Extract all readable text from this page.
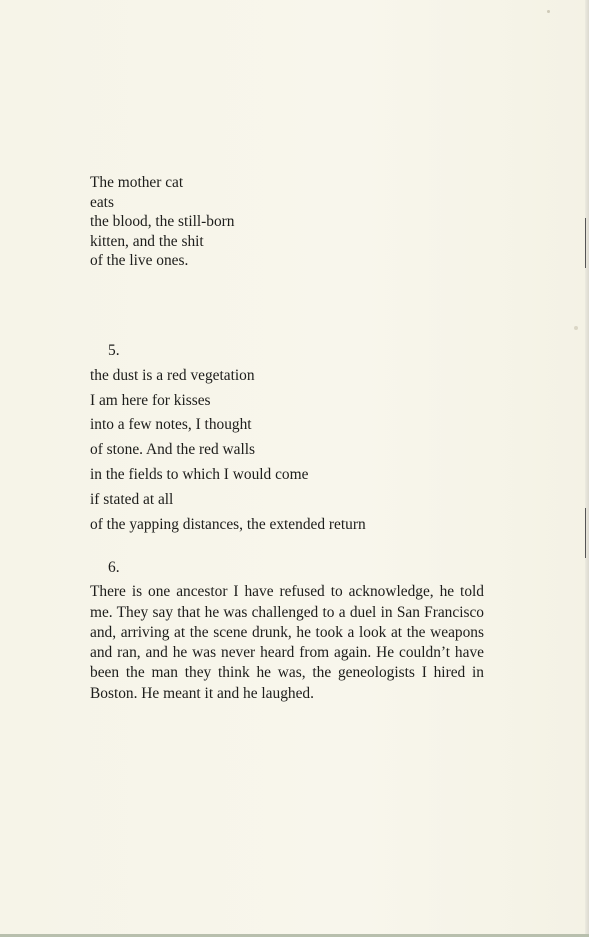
The mother cat
eats
the blood, the still-born
kitten, and the shit
of the live ones.
5.
the dust is a red vegetation
I am here for kisses
into a few notes, I thought
of stone. And the red walls
in the fields to which I would come
if stated at all
of the yapping distances, the extended return
6.

There is one ancestor I have refused to acknowledge, he told me. They say that he was challenged to a duel in San Francisco and, arriving at the scene drunk, he took a look at the weapons and ran, and he was never heard from again. He couldn’t have been the man they think he was, the geneologists I hired in Boston. He meant it and he laughed.
